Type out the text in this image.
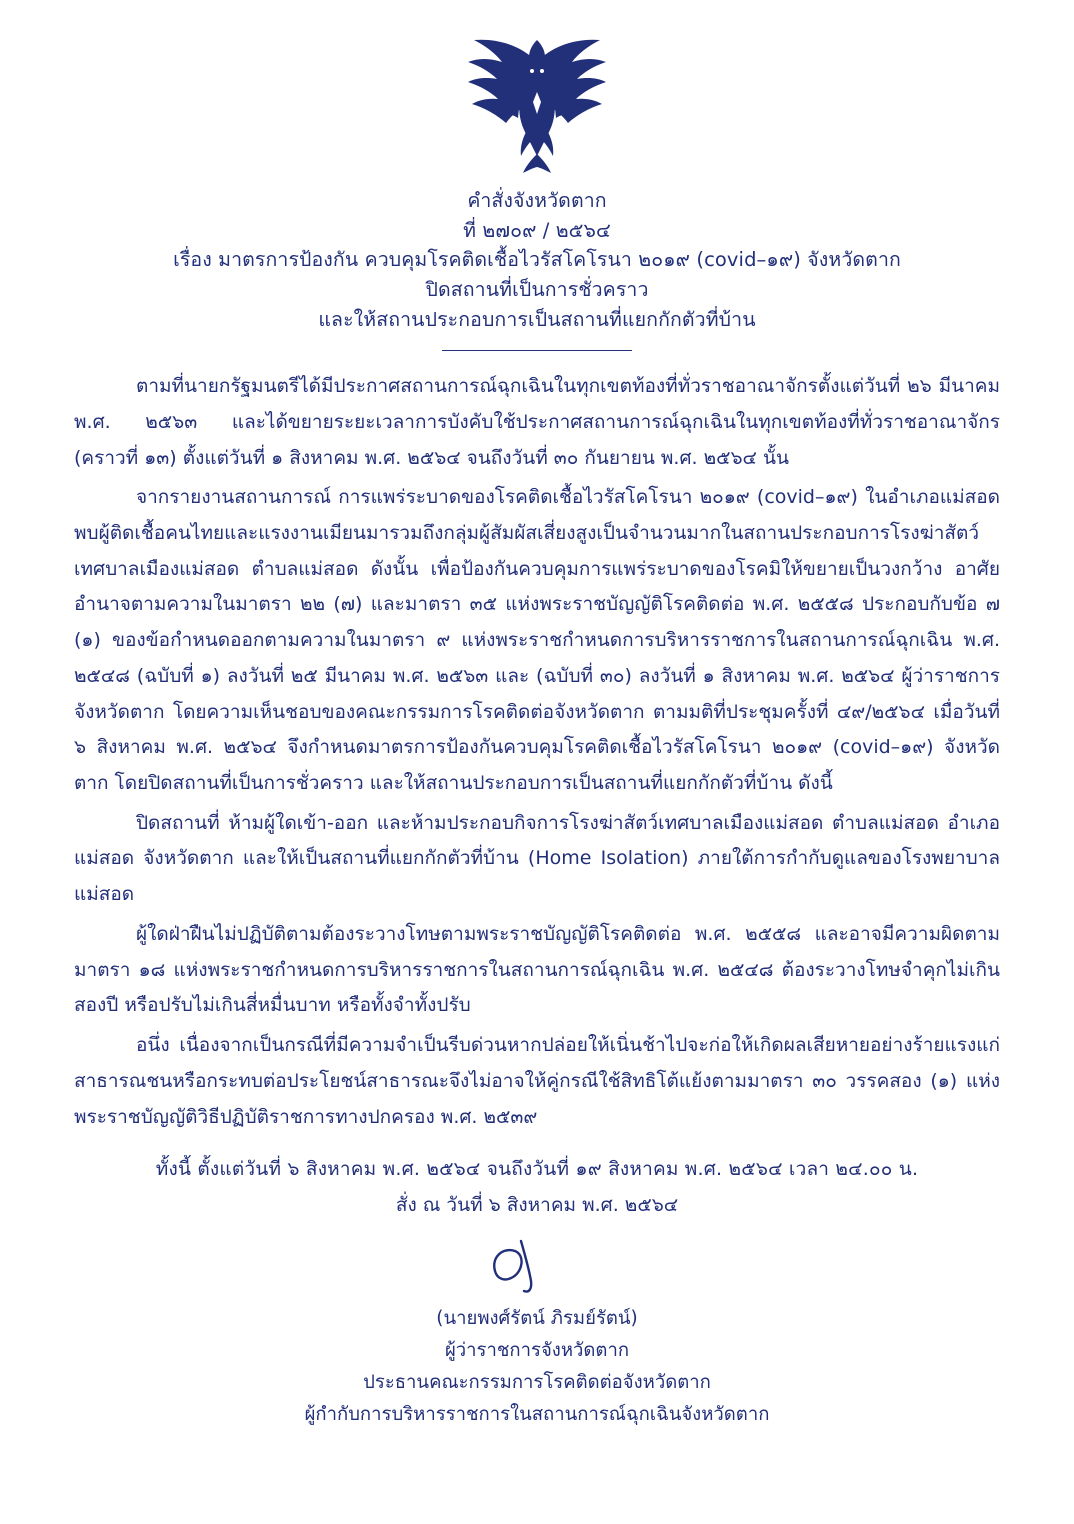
คำสั่งจังหวัดตาก
ที่ ๒๗๐๙ / ๒๕๖๔
เรื่อง มาตรการป้องกัน ควบคุมโรคติดเชื้อไวรัสโคโรนา ๒๐๑๙ (covid–๑๙) จังหวัดตาก
ปิดสถานที่เป็นการชั่วคราว
และให้สถานประกอบการเป็นสถานที่แยกกักตัวที่บ้าน

ตามที่นายกรัฐมนตรีได้มีประกาศสถานการณ์ฉุกเฉินในทุกเขตท้องที่ทั่วราชอาณาจักรตั้งแต่วันที่ ๒๖ มีนาคม พ.ศ. ๒๕๖๓ และได้ขยายระยะเวลาการบังคับใช้ประกาศสถานการณ์ฉุกเฉินในทุกเขตท้องที่ทั่วราชอาณาจักร (คราวที่ ๑๓) ตั้งแต่วันที่ ๑ สิงหาคม พ.ศ. ๒๕๖๔ จนถึงวันที่ ๓๐ กันยายน พ.ศ. ๒๕๖๔ นั้น

จากรายงานสถานการณ์ การแพร่ระบาดของโรคติดเชื้อไวรัสโคโรนา ๒๐๑๙ (covid–๑๙) ในอำเภอแม่สอด พบผู้ติดเชื้อคนไทยและแรงงานเมียนมารวมถึงกลุ่มผู้สัมผัสเสี่ยงสูงเป็นจำนวนมากในสถานประกอบการโรงฆ่าสัตว์เทศบาลเมืองแม่สอด ตำบลแม่สอด ดังนั้น เพื่อป้องกันควบคุมการแพร่ระบาดของโรคมิให้ขยายเป็นวงกว้าง อาศัยอำนาจตามความในมาตรา ๒๒ (๗) และมาตรา ๓๕ แห่งพระราชบัญญัติโรคติดต่อ พ.ศ. ๒๕๕๘ ประกอบกับข้อ ๗ (๑) ของข้อกำหนดออกตามความในมาตรา ๙ แห่งพระราชกำหนดการบริหารราชการในสถานการณ์ฉุกเฉิน พ.ศ. ๒๕๔๘ (ฉบับที่ ๑) ลงวันที่ ๒๕ มีนาคม พ.ศ. ๒๕๖๓ และ (ฉบับที่ ๓๐) ลงวันที่ ๑ สิงหาคม พ.ศ. ๒๕๖๔ ผู้ว่าราชการจังหวัดตาก โดยความเห็นชอบของคณะกรรมการโรคติดต่อจังหวัดตาก ตามมติที่ประชุมครั้งที่ ๔๙/๒๕๖๔ เมื่อวันที่ ๖ สิงหาคม พ.ศ. ๒๕๖๔ จึงกำหนดมาตรการป้องกันควบคุมโรคติดเชื้อไวรัสโคโรนา ๒๐๑๙ (covid–๑๙) จังหวัดตาก โดยปิดสถานที่เป็นการชั่วคราว และให้สถานประกอบการเป็นสถานที่แยกกักตัวที่บ้าน ดังนี้

ปิดสถานที่ ห้ามผู้ใดเข้า-ออก และห้ามประกอบกิจการโรงฆ่าสัตว์เทศบาลเมืองแม่สอด ตำบลแม่สอด อำเภอแม่สอด จังหวัดตาก และให้เป็นสถานที่แยกกักตัวที่บ้าน (Home Isolation) ภายใต้การกำกับดูแลของโรงพยาบาลแม่สอด

ผู้ใดฝ่าฝืนไม่ปฏิบัติตามต้องระวางโทษตามพระราชบัญญัติโรคติดต่อ พ.ศ. ๒๕๕๘ และอาจมีความผิดตามมาตรา ๑๘ แห่งพระราชกำหนดการบริหารราชการในสถานการณ์ฉุกเฉิน พ.ศ. ๒๕๔๘ ต้องระวางโทษจำคุกไม่เกินสองปี หรือปรับไม่เกินสี่หมื่นบาท หรือทั้งจำทั้งปรับ

อนึ่ง เนื่องจากเป็นกรณีที่มีความจำเป็นรีบด่วนหากปล่อยให้เนิ่นช้าไปจะก่อให้เกิดผลเสียหายอย่างร้ายแรงแก่สาธารณชนหรือกระทบต่อประโยชน์สาธารณะจึงไม่อาจให้คู่กรณีใช้สิทธิโต้แย้งตามมาตรา ๓๐ วรรคสอง (๑) แห่งพระราชบัญญัติวิธีปฏิบัติราชการทางปกครอง พ.ศ. ๒๕๓๙

ทั้งนี้ ตั้งแต่วันที่ ๖ สิงหาคม พ.ศ. ๒๕๖๔ จนถึงวันที่ ๑๙ สิงหาคม พ.ศ. ๒๕๖๔ เวลา ๒๔.๐๐ น.
สั่ง ณ วันที่ ๖ สิงหาคม พ.ศ. ๒๕๖๔
(นายพงศ์รัตน์ ภิรมย์รัตน์)
ผู้ว่าราชการจังหวัดตาก
ประธานคณะกรรมการโรคติดต่อจังหวัดตาก
ผู้กำกับการบริหารราชการในสถานการณ์ฉุกเฉินจังหวัดตาก
